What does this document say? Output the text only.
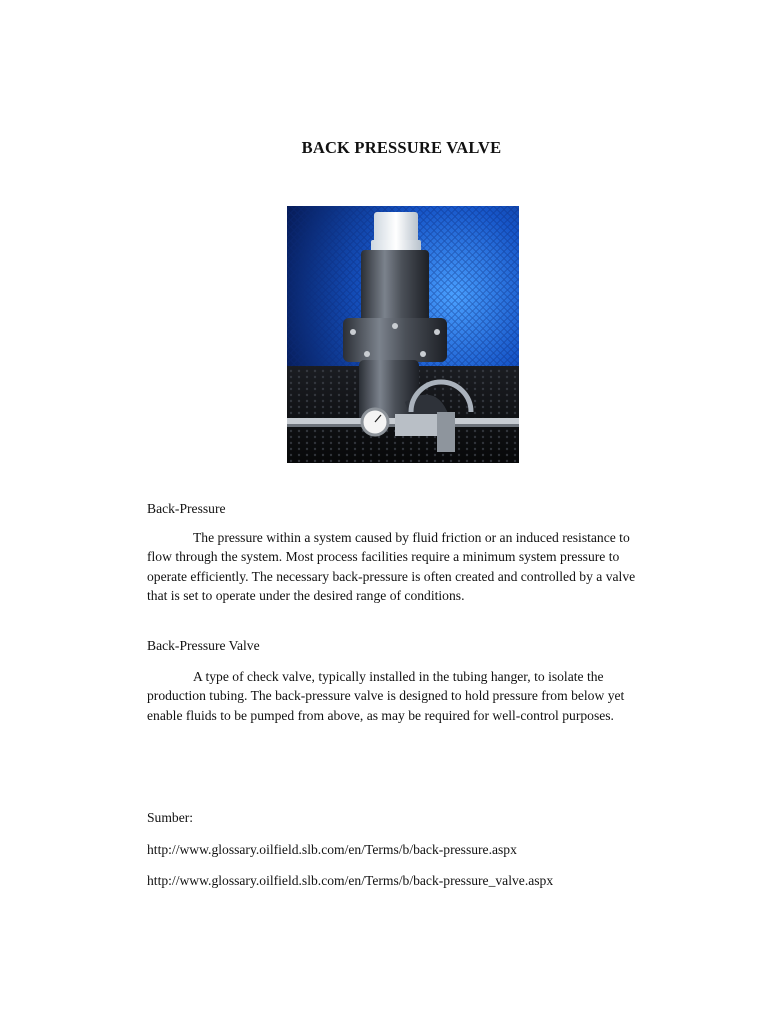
BACK PRESSURE VALVE
Back-Pressure
The pressure within a system caused by fluid friction or an induced resistance to flow through the system. Most process facilities require a minimum system pressure to operate efficiently. The necessary back-pressure is often created and controlled by a valve that is set to operate under the desired range of conditions.
Back-Pressure Valve
A type of check valve, typically installed in the tubing hanger, to isolate the production tubing. The back-pressure valve is designed to hold pressure from below yet enable fluids to be pumped from above, as may be required for well-control purposes.
Sumber:
http://www.glossary.oilfield.slb.com/en/Terms/b/back-pressure.aspx
http://www.glossary.oilfield.slb.com/en/Terms/b/back-pressure_valve.aspx
